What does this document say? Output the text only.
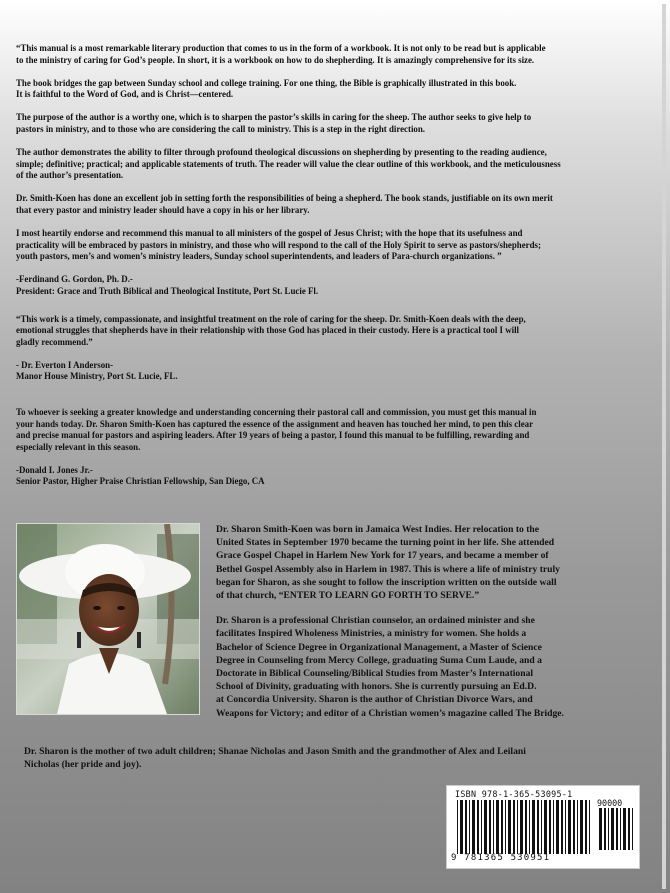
“This manual is a most remarkable literary production that comes to us in the form of a workbook. It is not only to be read but is applicable
to the ministry of caring for God’s people. In short, it is a workbook on how to do shepherding. It is amazingly comprehensive for its size.

The book bridges the gap between Sunday school and college training. For one thing, the Bible is graphically illustrated in this book.
It is faithful to the Word of God, and is Christ—centered.

The purpose of the author is a worthy one, which is to sharpen the pastor’s skills in caring for the sheep. The author seeks to give help to
pastors in ministry, and to those who are considering the call to ministry. This is a step in the right direction.

The author demonstrates the ability to filter through profound theological discussions on shepherding by presenting to the reading audience,
simple; definitive; practical; and applicable statements of truth. The reader will value the clear outline of this workbook, and the meticulousness
of the author’s presentation.

Dr. Smith-Koen has done an excellent job in setting forth the responsibilities of being a shepherd. The book stands, justifiable on its own merit
that every pastor and ministry leader should have a copy in his or her library.

I most heartily endorse and recommend this manual to all ministers of the gospel of Jesus Christ; with the hope that its usefulness and
practicality will be embraced by pastors in ministry, and those who will respond to the call of the Holy Spirit to serve as pastors/shepherds;
youth pastors, men’s and women’s ministry leaders, Sunday school superintendents, and leaders of Para-church organizations. ”

-Ferdinand G. Gordon, Ph. D.-
President: Grace and Truth Biblical and Theological Institute, Port St. Lucie Fl.

“This work is a timely, compassionate, and insightful treatment on the role of caring for the sheep. Dr. Smith-Koen deals with the deep,
emotional struggles that shepherds have in their relationship with those God has placed in their custody. Here is a practical tool I will
gladly recommend.”

- Dr. Everton I Anderson-
Manor House Ministry, Port St. Lucie, FL.

To whoever is seeking a greater knowledge and understanding concerning their pastoral call and commission, you must get this manual in
your hands today. Dr. Sharon Smith-Koen has captured the essence of the assignment and heaven has touched her mind, to pen this clear
and precise manual for pastors and aspiring leaders. After 19 years of being a pastor, I found this manual to be fulfilling, rewarding and
especially relevant in this season.

-Donald I. Jones Jr.-
Senior Pastor, Higher Praise Christian Fellowship, San Diego, CA

Dr. Sharon Smith-Koen was born in Jamaica West Indies. Her relocation to the
United States in September 1970 became the turning point in her life. She attended
Grace Gospel Chapel in Harlem New York for 17 years, and became a member of
Bethel Gospel Assembly also in Harlem in 1987. This is where a life of ministry truly
began for Sharon, as she sought to follow the inscription written on the outside wall
of that church, “ENTER TO LEARN GO FORTH TO SERVE.”

Dr. Sharon is a professional Christian counselor, an ordained minister and she
facilitates Inspired Wholeness Ministries, a ministry for women. She holds a
Bachelor of Science Degree in Organizational Management, a Master of Science
Degree in Counseling from Mercy College, graduating Suma Cum Laude, and a
Doctorate in Biblical Counseling/Biblical Studies from Master’s International
School of Divinity, graduating with honors. She is currently pursuing an Ed.D.
at Concordia University. Sharon is the author of Christian Divorce Wars, and
Weapons for Victory; and editor of a Christian women’s magazine called The Bridge.

Dr. Sharon is the mother of two adult children; Shanae Nicholas and Jason Smith and the grandmother of Alex and Leilani
Nicholas (her pride and joy).

ISBN 978-1-365-53095-1
90000
9 781365 530951
